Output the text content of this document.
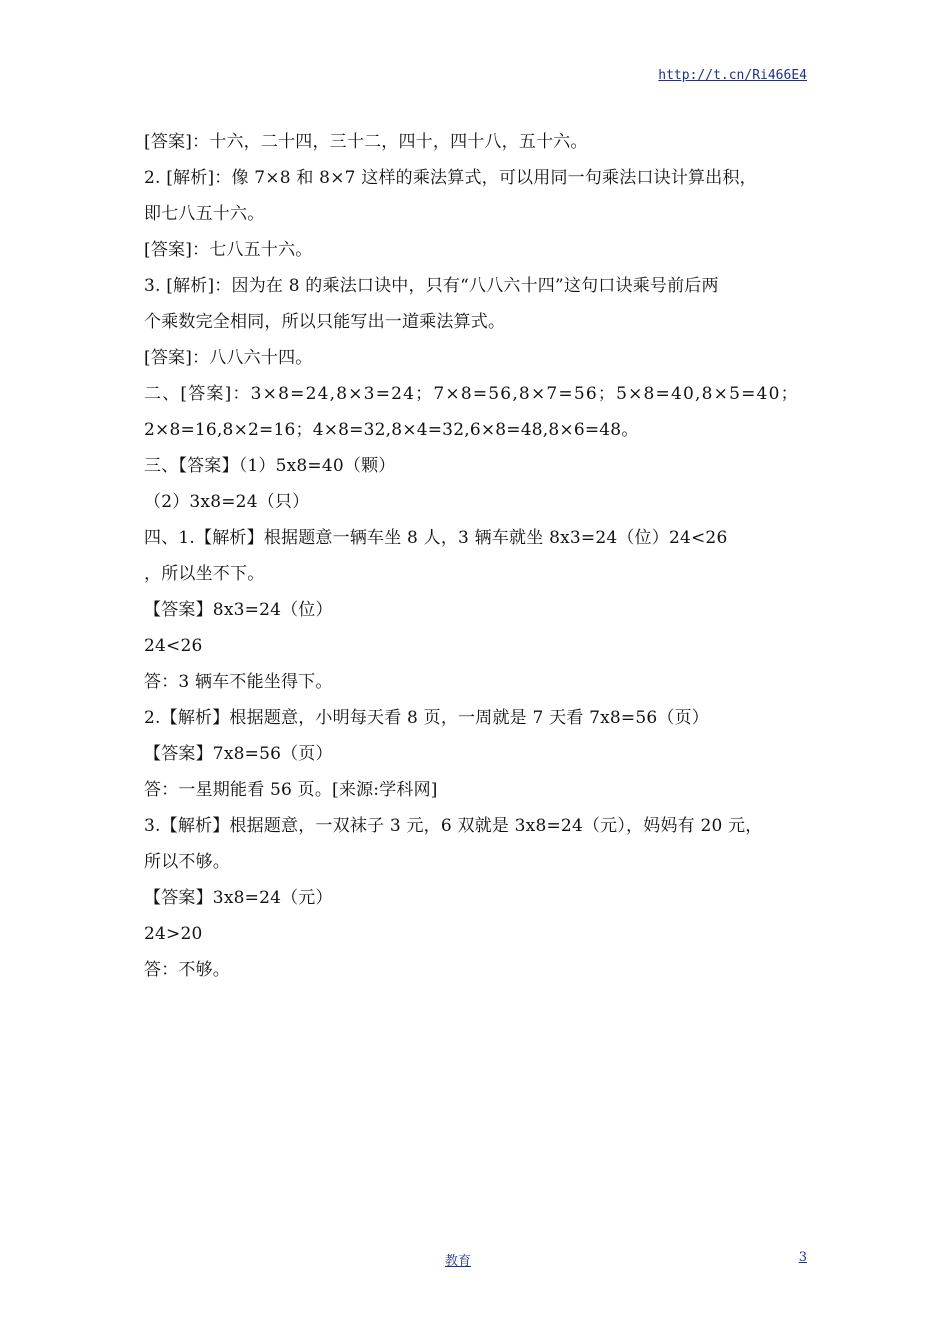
http://t.cn/Ri466E4
[答案]：十六，二十四，三十二，四十，四十八，五十六。
2. [解析]：像 7×8 和 8×7 这样的乘法算式，可以用同一句乘法口诀计算出积，
即七八五十六。
[答案]：七八五十六。
3. [解析]：因为在 8 的乘法口诀中，只有“八八六十四”这句口诀乘号前后两
个乘数完全相同，所以只能写出一道乘法算式。
[答案]：八八六十四。
二、[答案]：3×8=24,8×3=24；7×8=56,8×7=56；5×8=40,8×5=40；
2×8=16,8×2=16；4×8=32,8×4=32,6×8=48,8×6=48。
三、【答案】（1）5x8=40（颗）
（2）3x8=24（只）
四、1.【解析】根据题意一辆车坐 8 人，3 辆车就坐 8x3=24（位）24<26
，所以坐不下。
【答案】8x3=24（位）
24<26
答：3 辆车不能坐得下。
2.【解析】根据题意，小明每天看 8 页，一周就是 7 天看 7x8=56（页）
【答案】7x8=56（页）
答：一星期能看 56 页。[来源:学科网]
3.【解析】根据题意，一双袜子 3 元，6 双就是 3x8=24（元），妈妈有 20 元，
所以不够。
【答案】3x8=24（元）
24>20
答：不够。
教育	3
